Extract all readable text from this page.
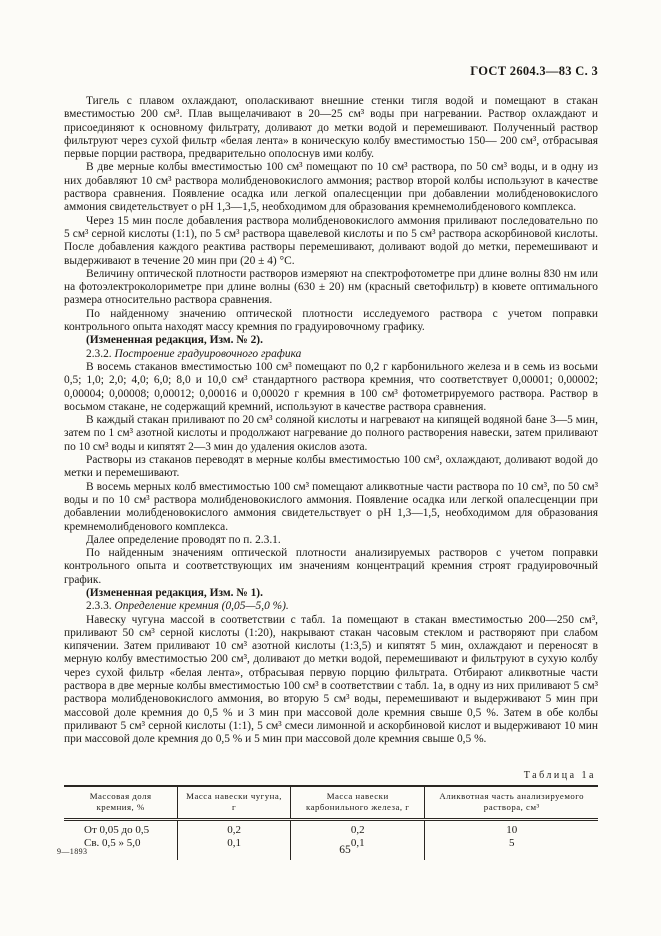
ГОСТ 2604.3—83 С. 3

Тигель с плавом охлаждают, ополаскивают внешние стенки тигля водой и помещают в стакан вместимостью 200 см³. Плав выщелачивают в 20—25 см³ воды при нагревании. Раствор охлаждают и присоединяют к основному фильтрату, доливают до метки водой и перемешивают. Полученный раствор фильтруют через сухой фильтр «белая лента» в коническую колбу вместимостью 150— 200 см³, отбрасывая первые порции раствора, предварительно ополоснув ими колбу.

В две мерные колбы вместимостью 100 см³ помещают по 10 см³ раствора, по 50 см³ воды, и в одну из них добавляют 10 см³ раствора молибденовокислого аммония; раствор второй колбы используют в качестве раствора сравнения. Появление осадка или легкой опалесценции при добавлении молибденовокислого аммония свидетельствует о рН 1,3—1,5, необходимом для образования кремнемолибденового комплекса.

Через 15 мин после добавления раствора молибденовокислого аммония приливают последовательно по 5 см³ серной кислоты (1:1), по 5 см³ раствора щавелевой кислоты и по 5 см³ раствора аскорбиновой кислоты. После добавления каждого реактива растворы перемешивают, доливают водой до метки, перемешивают и выдерживают в течение 20 мин при (20 ± 4) °С.

Величину оптической плотности растворов измеряют на спектрофотометре при длине волны 830 нм или на фотоэлектроколориметре при длине волны (630 ± 20) нм (красный светофильтр) в кювете оптимального размера относительно раствора сравнения.

По найденному значению оптической плотности исследуемого раствора с учетом поправки контрольного опыта находят массу кремния по градуировочному графику.

(Измененная редакция, Изм. № 2).

2.3.2. Построение градуировочного графика

В восемь стаканов вместимостью 100 см³ помещают по 0,2 г карбонильного железа и в семь из восьми 0,5; 1,0; 2,0; 4,0; 6,0; 8,0 и 10,0 см³ стандартного раствора кремния, что соответствует 0,00001; 0,00002; 0,00004; 0,00008; 0,00012; 0,00016 и 0,00020 г кремния в 100 см³ фотометрируемого раствора. Раствор в восьмом стакане, не содержащий кремний, используют в качестве раствора сравнения.

В каждый стакан приливают по 20 см³ соляной кислоты и нагревают на кипящей водяной бане 3—5 мин, затем по 1 см³ азотной кислоты и продолжают нагревание до полного растворения навески, затем приливают по 10 см³ воды и кипятят 2—3 мин до удаления окислов азота.

Растворы из стаканов переводят в мерные колбы вместимостью 100 см³, охлаждают, доливают водой до метки и перемешивают.

В восемь мерных колб вместимостью 100 см³ помещают аликвотные части раствора по 10 см³, по 50 см³ воды и по 10 см³ раствора молибденовокислого аммония. Появление осадка или легкой опалесценции при добавлении молибденовокислого аммония свидетельствует о рН 1,3—1,5, необходимом для образования кремнемолибденового комплекса.

Далее определение проводят по п. 2.3.1.

По найденным значениям оптической плотности анализируемых растворов с учетом поправки контрольного опыта и соответствующих им значениям концентраций кремния строят градуировочный график.

(Измененная редакция, Изм. № 1).

2.3.3. Определение кремния (0,05—5,0 %).

Навеску чугуна массой в соответствии с табл. 1а помещают в стакан вместимостью 200—250 см³, приливают 50 см³ серной кислоты (1:20), накрывают стакан часовым стеклом и растворяют при слабом кипячении. Затем приливают 10 см³ азотной кислоты (1:3,5) и кипятят 5 мин, охлаждают и переносят в мерную колбу вместимостью 200 см³, доливают до метки водой, перемешивают и фильтруют в сухую колбу через сухой фильтр «белая лента», отбрасывая первую порцию фильтрата. Отбирают аликвотные части раствора в две мерные колбы вместимостью 100 см³ в соответствии с табл. 1а, в одну из них приливают 5 см³ раствора молибденовокислого аммония, во вторую 5 см³ воды, перемешивают и выдерживают 5 мин при массовой доле кремния до 0,5 % и 3 мин при массовой доле кремния свыше 0,5 %. Затем в обе колбы приливают 5 см³ серной кислоты (1:1), 5 см³ смеси лимонной и аскорбиновой кислот и выдерживают 10 мин при массовой доле кремния до 0,5 % и 5 мин при массовой доле кремния свыше 0,5 %.

Таблица 1а
Массовая доля кремния, %	Масса навески чугуна, г	Масса навески карбонильного железа, г	Аликвотная часть анализируемого раствора, см³
От 0,05 до 0,5	0,2	0,2	10
Св. 0,5 » 5,0	0,1	0,1	5
9—1893	65
